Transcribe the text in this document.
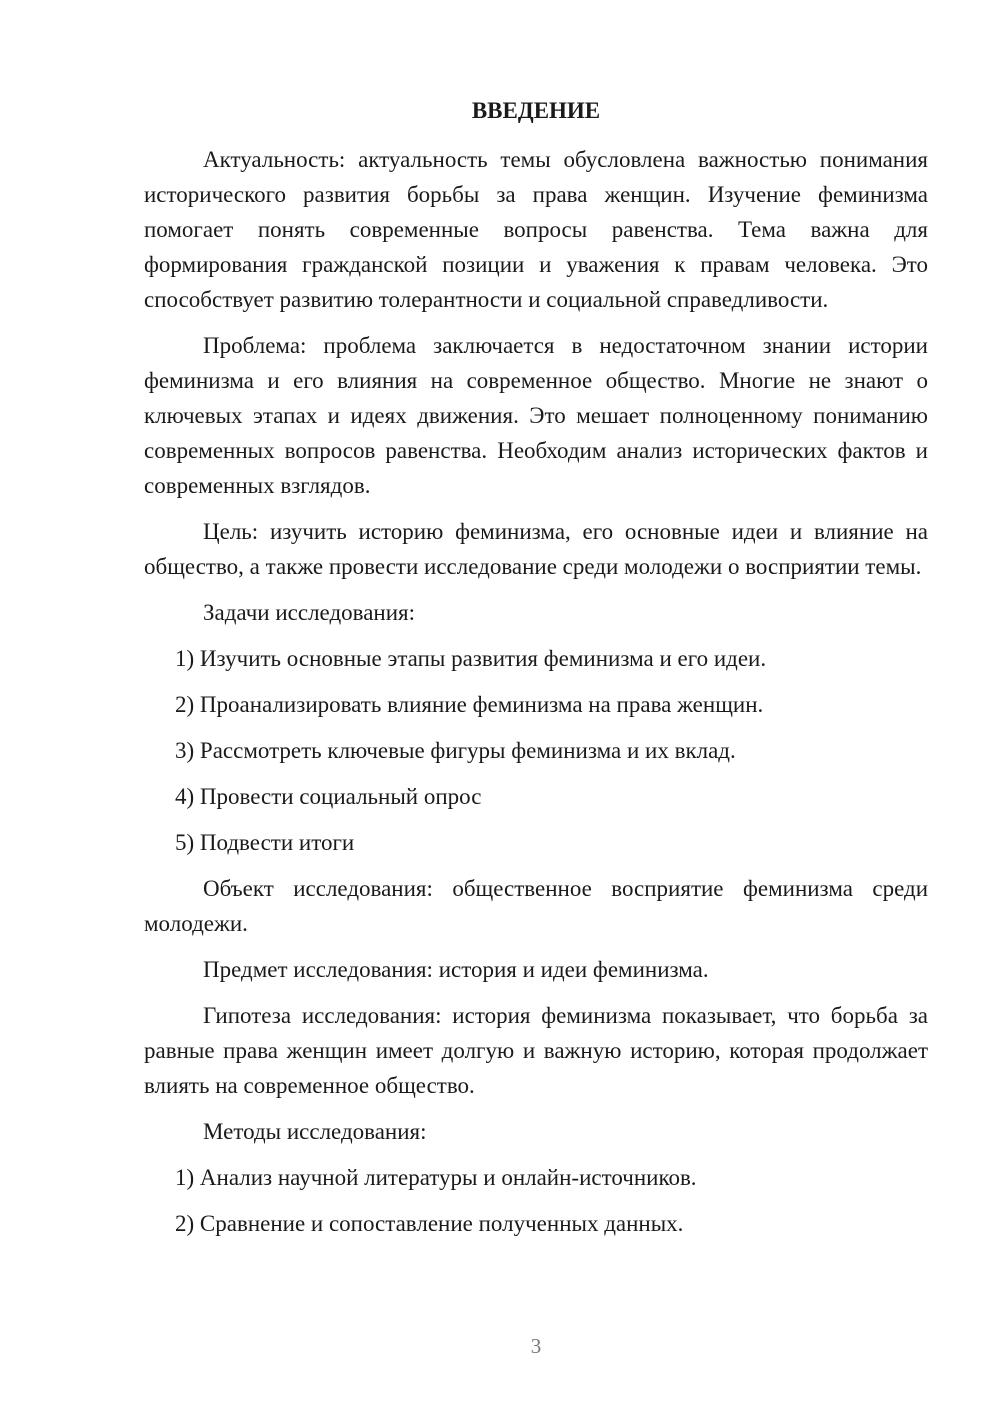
ВВЕДЕНИЕ

Актуальность: актуальность темы обусловлена важностью понимания исторического развития борьбы за права женщин. Изучение феминизма помогает понять современные вопросы равенства. Тема важна для формирования гражданской позиции и уважения к правам человека. Это способствует развитию толерантности и социальной справедливости.

Проблема: проблема заключается в недостаточном знании истории феминизма и его влияния на современное общество. Многие не знают о ключевых этапах и идеях движения. Это мешает полноценному пониманию современных вопросов равенства. Необходим анализ исторических фактов и современных взглядов.

Цель: изучить историю феминизма, его основные идеи и влияние на общество, а также провести исследование среди молодежи о восприятии темы.

Задачи исследования:

1) Изучить основные этапы развития феминизма и его идеи.
2) Проанализировать влияние феминизма на права женщин.
3) Рассмотреть ключевые фигуры феминизма и их вклад.
4) Провести социальный опрос
5) Подвести итоги

Объект исследования: общественное восприятие феминизма среди молодежи.

Предмет исследования: история и идеи феминизма.

Гипотеза исследования: история феминизма показывает, что борьба за равные права женщин имеет долгую и важную историю, которая продолжает влиять на современное общество.

Методы исследования:

1) Анализ научной литературы и онлайн-источников.
2) Сравнение и сопоставление полученных данных.
3
